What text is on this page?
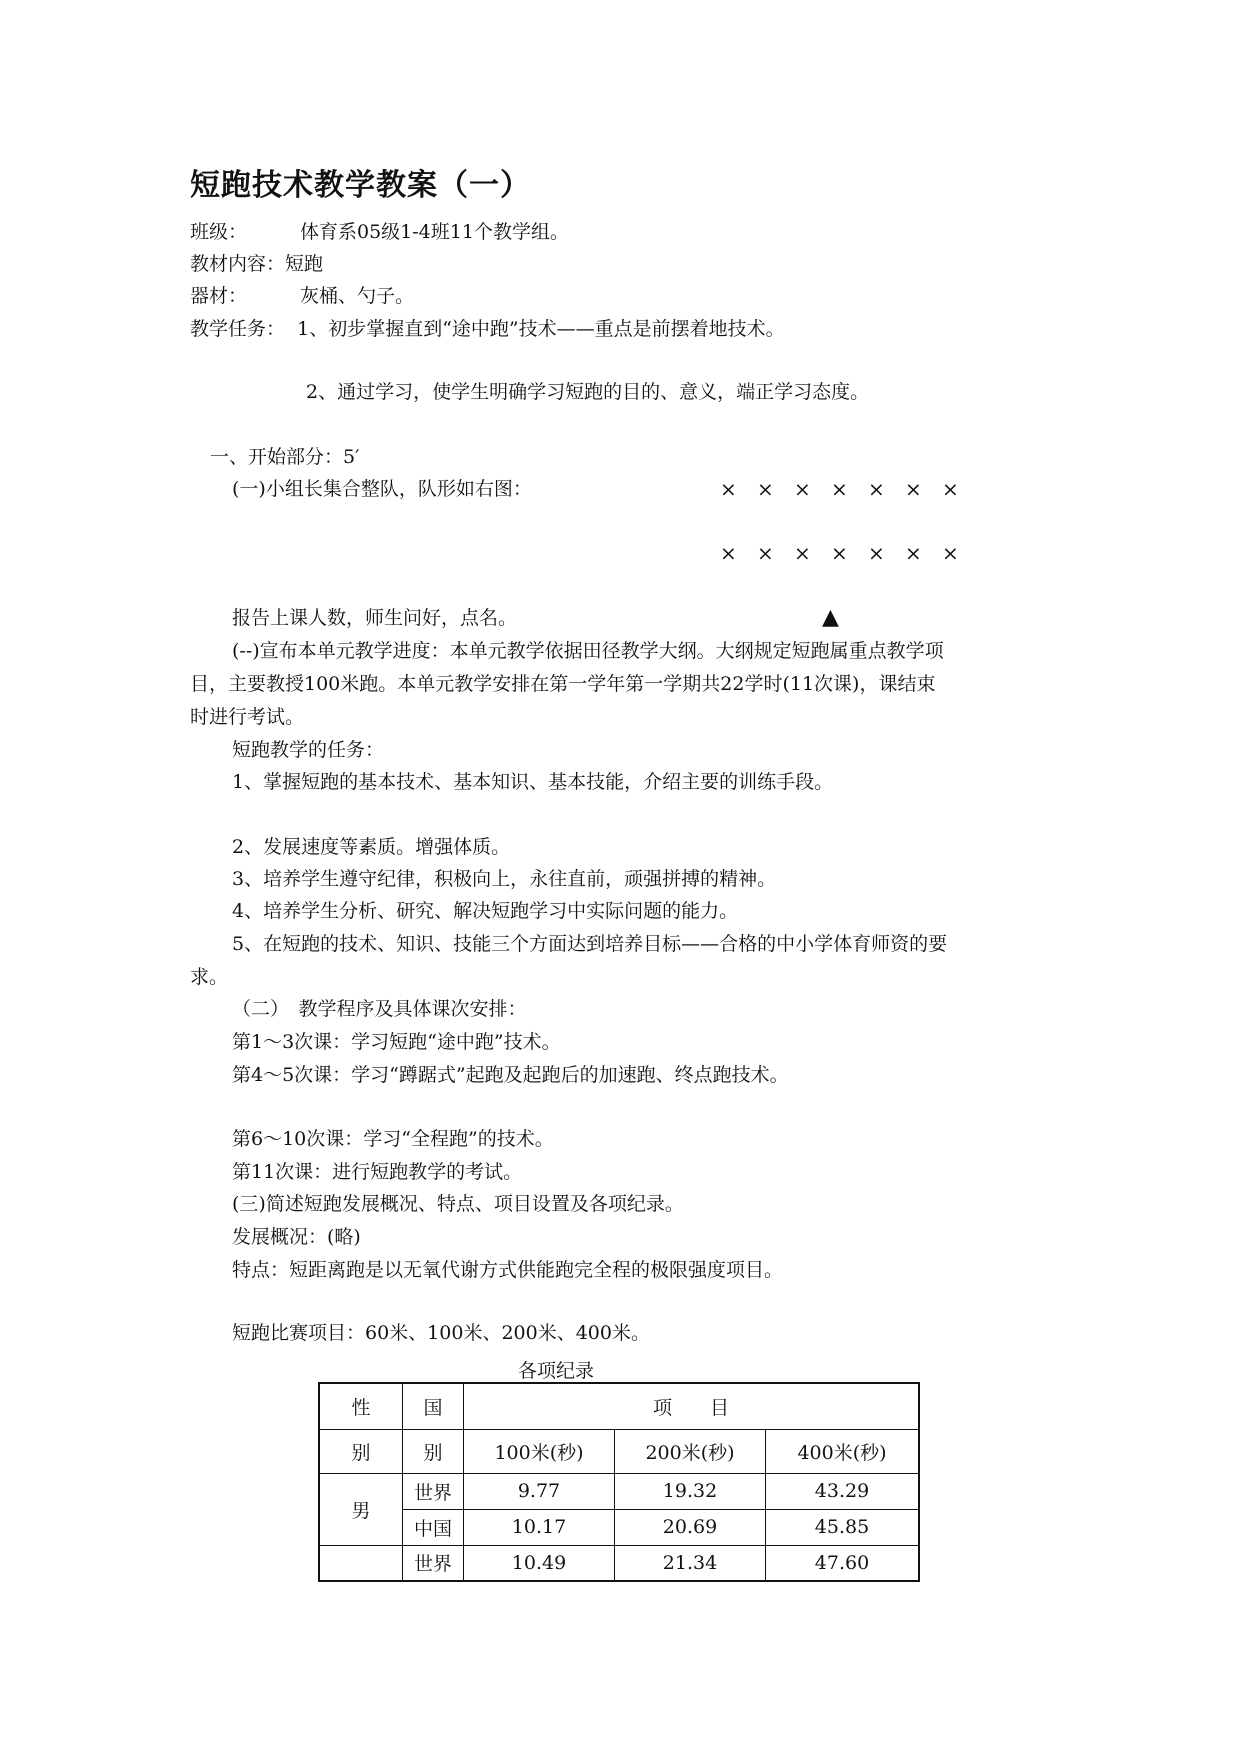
短跑技术教学教案（一）
班级：	体育系05级1-4班11个教学组。
教材内容：短跑
器材：	灰桶、勺子。
教学任务： 1、初步掌握直到“途中跑”技术——重点是前摆着地技术。
2、通过学习，使学生明确学习短跑的目的、意义，端正学习态度。
一、开始部分：5′
(一)小组长集合整队，队形如右图：	× × × × × × ×
× × × × × × ×
报告上课人数，师生问好，点名。	▲
(--)宣布本单元教学进度：本单元教学依据田径教学大纲。大纲规定短跑属重点教学项
目，主要教授100米跑。本单元教学安排在第一学年第一学期共22学时(11次课)，课结束
时进行考试。
短跑教学的任务：
1、掌握短跑的基本技术、基本知识、基本技能，介绍主要的训练手段。
2、发展速度等素质。增强体质。
3、培养学生遵守纪律，积极向上，永往直前，顽强拼搏的精神。
4、培养学生分析、研究、解决短跑学习中实际问题的能力。
5、在短跑的技术、知识、技能三个方面达到培养目标——合格的中小学体育师资的要
求。
（二）　教学程序及具体课次安排：
第1～3次课：学习短跑“途中跑”技术。
第4～5次课：学习“蹲踞式”起跑及起跑后的加速跑、终点跑技术。
第6～10次课：学习“全程跑”的技术。
第11次课：进行短跑教学的考试。
(三)简述短跑发展概况、特点、项目设置及各项纪录。
发展概况：(略)
特点：短距离跑是以无氧代谢方式供能跑完全程的极限强度项目。
短跑比赛项目：60米、100米、200米、400米。
各项纪录
性	国	项　　目		
别	别	100米(秒)	200米(秒)	400米(秒)
男	世界	9.77	19.32	43.29
	中国	10.17	20.69	45.85
	世界	10.49	21.34	47.60
